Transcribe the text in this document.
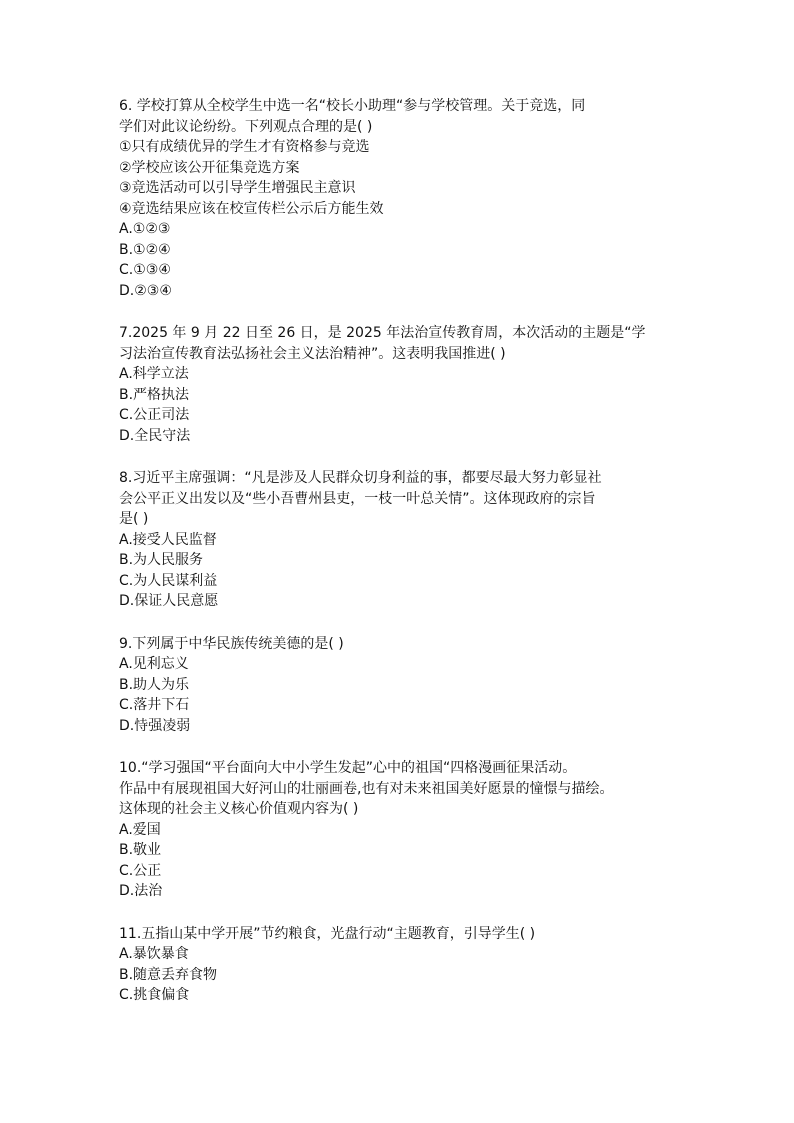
6. 学校打算从全校学生中选一名“校长小助理“参与学校管理。关于竞选，同
学们对此议论纷纷。下列观点合理的是( )
①只有成绩优异的学生才有资格参与竞选
②学校应该公开征集竞选方案
③竞选活动可以引导学生增强民主意识
④竞选结果应该在校宣传栏公示后方能生效
A.①②③
B.①②④
C.①③④
D.②③④
7.2025 年 9 月 22 日至 26 日，是 2025 年法治宣传教育周，本次活动的主题是“学
习法治宣传教育法弘扬社会主义法治精神”。这表明我国推进( )
A.科学立法
B.严格执法
C.公正司法
D.全民守法
8.习近平主席强调：“凡是涉及人民群众切身利益的事，都要尽最大努力彰显社
会公平正义出发以及“些小吾曹州县吏，一枝一叶总关情”。这体现政府的宗旨
是( )
A.接受人民监督
B.为人民服务
C.为人民谋利益
D.保证人民意愿
9.下列属于中华民族传统美德的是( )
A.见利忘义
B.助人为乐
C.落井下石
D.恃强凌弱
10.“学习强国“平台面向大中小学生发起”心中的祖国“四格漫画征果活动。
作品中有展现祖国大好河山的壮丽画卷,也有对未来祖国美好愿景的憧憬与描绘。
这体现的社会主义核心价值观内容为( )
A.爱国
B.敬业
C.公正
D.法治
11.五指山某中学开展”节约粮食，光盘行动“主题教育，引导学生( )
A.暴饮暴食
B.随意丢弃食物
C.挑食偏食
